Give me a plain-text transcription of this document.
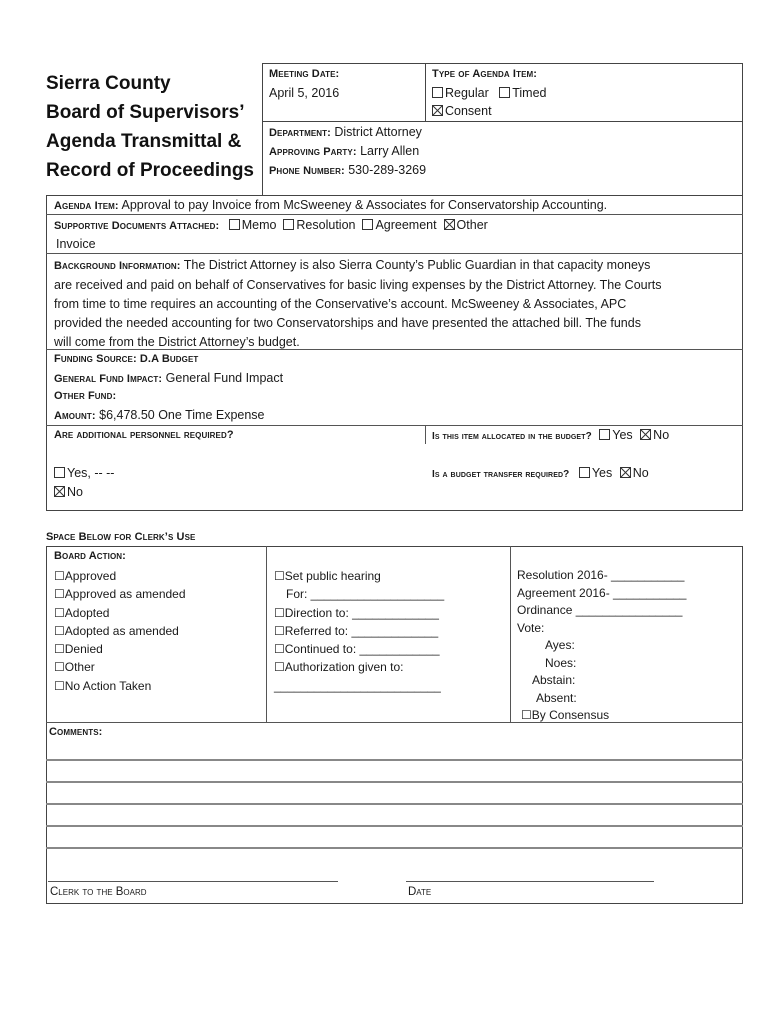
Sierra County
Board of Supervisors’
Agenda Transmittal &
Record of Proceedings
Meeting Date:
April 5, 2016
Type of Agenda Item:
Regular Timed
Consent
Department: District Attorney
Approving Party: Larry Allen
Phone Number: 530-289-3269
Agenda Item: Approval to pay Invoice from McSweeney & Associates for Conservatorship Accounting.
Supportive Documents Attached: Memo Resolution Agreement Other
Invoice
Background Information: The District Attorney is also Sierra County’s Public Guardian in that capacity moneys
are received and paid on behalf of Conservatives for basic living expenses by the District Attorney. The Courts
from time to time requires an accounting of the Conservative’s account. McSweeney & Associates, APC
provided the needed accounting for two Conservatorships and have presented the attached bill. The funds
will come from the District Attorney’s budget.
Funding Source: D.A Budget
General Fund Impact: General Fund Impact
Other Fund:
Amount: $6,478.50 One Time Expense
Are additional personnel required?
Yes, -- --
No
Is this item allocated in the budget? Yes No
Is a budget transfer required? Yes No
Space Below for Clerk’s Use
Board Action:
☐Approved
☐Approved as amended
☐Adopted
☐Adopted as amended
☐Denied
☐Other
☐No Action Taken
☐Set public hearing
For: ____________________
☐Direction to: _____________
☐Referred to: _____________
☐Continued to: ____________
☐Authorization given to:
_________________________
Resolution 2016- ___________
Agreement 2016- ___________
Ordinance ________________
Vote:
Ayes:
Noes:
Abstain:
Absent:
☐By Consensus
Comments:
Clerk to the Board	Date
